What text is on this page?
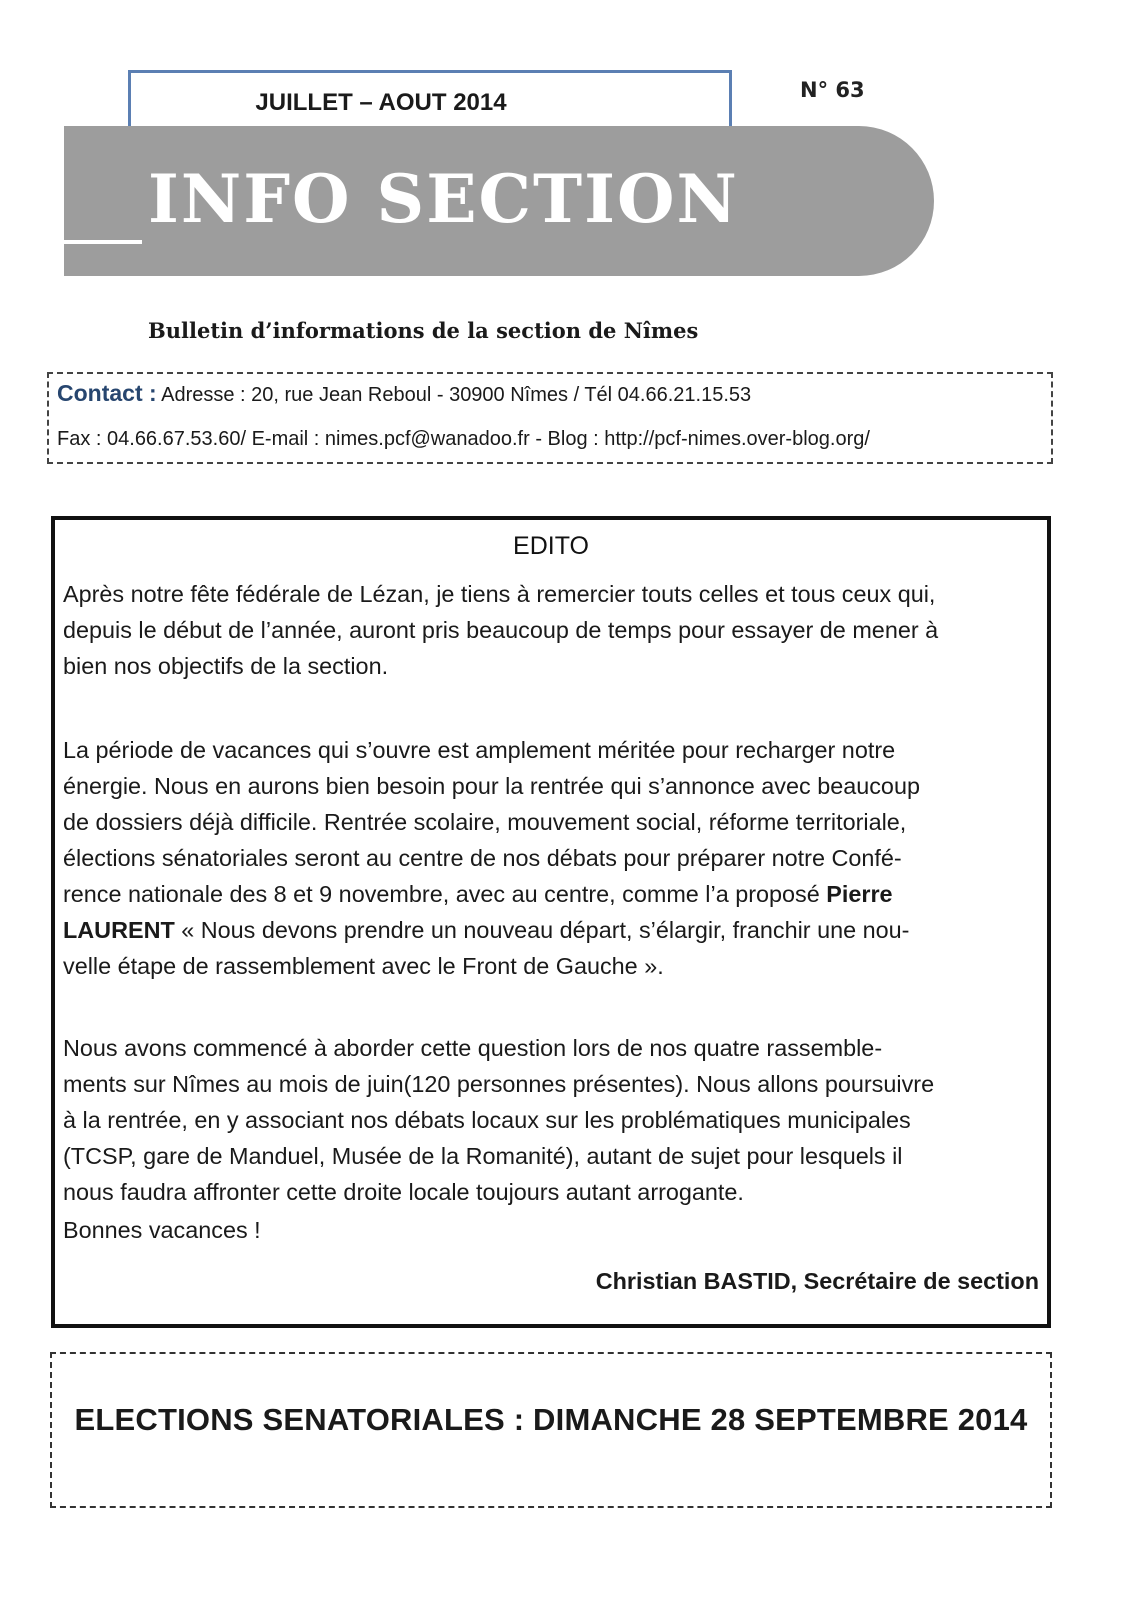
JUILLET – AOUT 2014	N° 63
INFO SECTION
Bulletin d’informations de la section de Nîmes
Contact : Adresse : 20, rue Jean Reboul - 30900 Nîmes / Tél 04.66.21.15.53
Fax : 04.66.67.53.60/ E-mail : nimes.pcf@wanadoo.fr - Blog : http://pcf-nimes.over-blog.org/
EDITO
Après notre fête fédérale de Lézan, je tiens à remercier touts celles et tous ceux qui,
depuis le début de l’année, auront pris beaucoup de temps pour essayer de mener à
bien nos objectifs de la section.
La période de vacances qui s’ouvre est amplement méritée pour recharger notre
énergie. Nous en aurons bien besoin pour la rentrée qui s’annonce avec beaucoup
de dossiers déjà difficile. Rentrée scolaire, mouvement social, réforme territoriale,
élections sénatoriales seront au centre de nos débats pour préparer notre Confé-
rence nationale des 8 et 9 novembre, avec au centre, comme l’a proposé Pierre
LAURENT « Nous devons prendre un nouveau départ, s’élargir, franchir une nou-
velle étape de rassemblement avec le Front de Gauche ».
Nous avons commencé à aborder cette question lors de nos quatre rassemble-
ments sur Nîmes au mois de juin(120 personnes présentes). Nous allons poursuivre
à la rentrée, en y associant nos débats locaux sur les problématiques municipales
(TCSP, gare de Manduel, Musée de la Romanité), autant de sujet pour lesquels il
nous faudra affronter cette droite locale toujours autant arrogante.
Bonnes vacances !
Christian BASTID, Secrétaire de section
ELECTIONS SENATORIALES : DIMANCHE 28 SEPTEMBRE 2014
